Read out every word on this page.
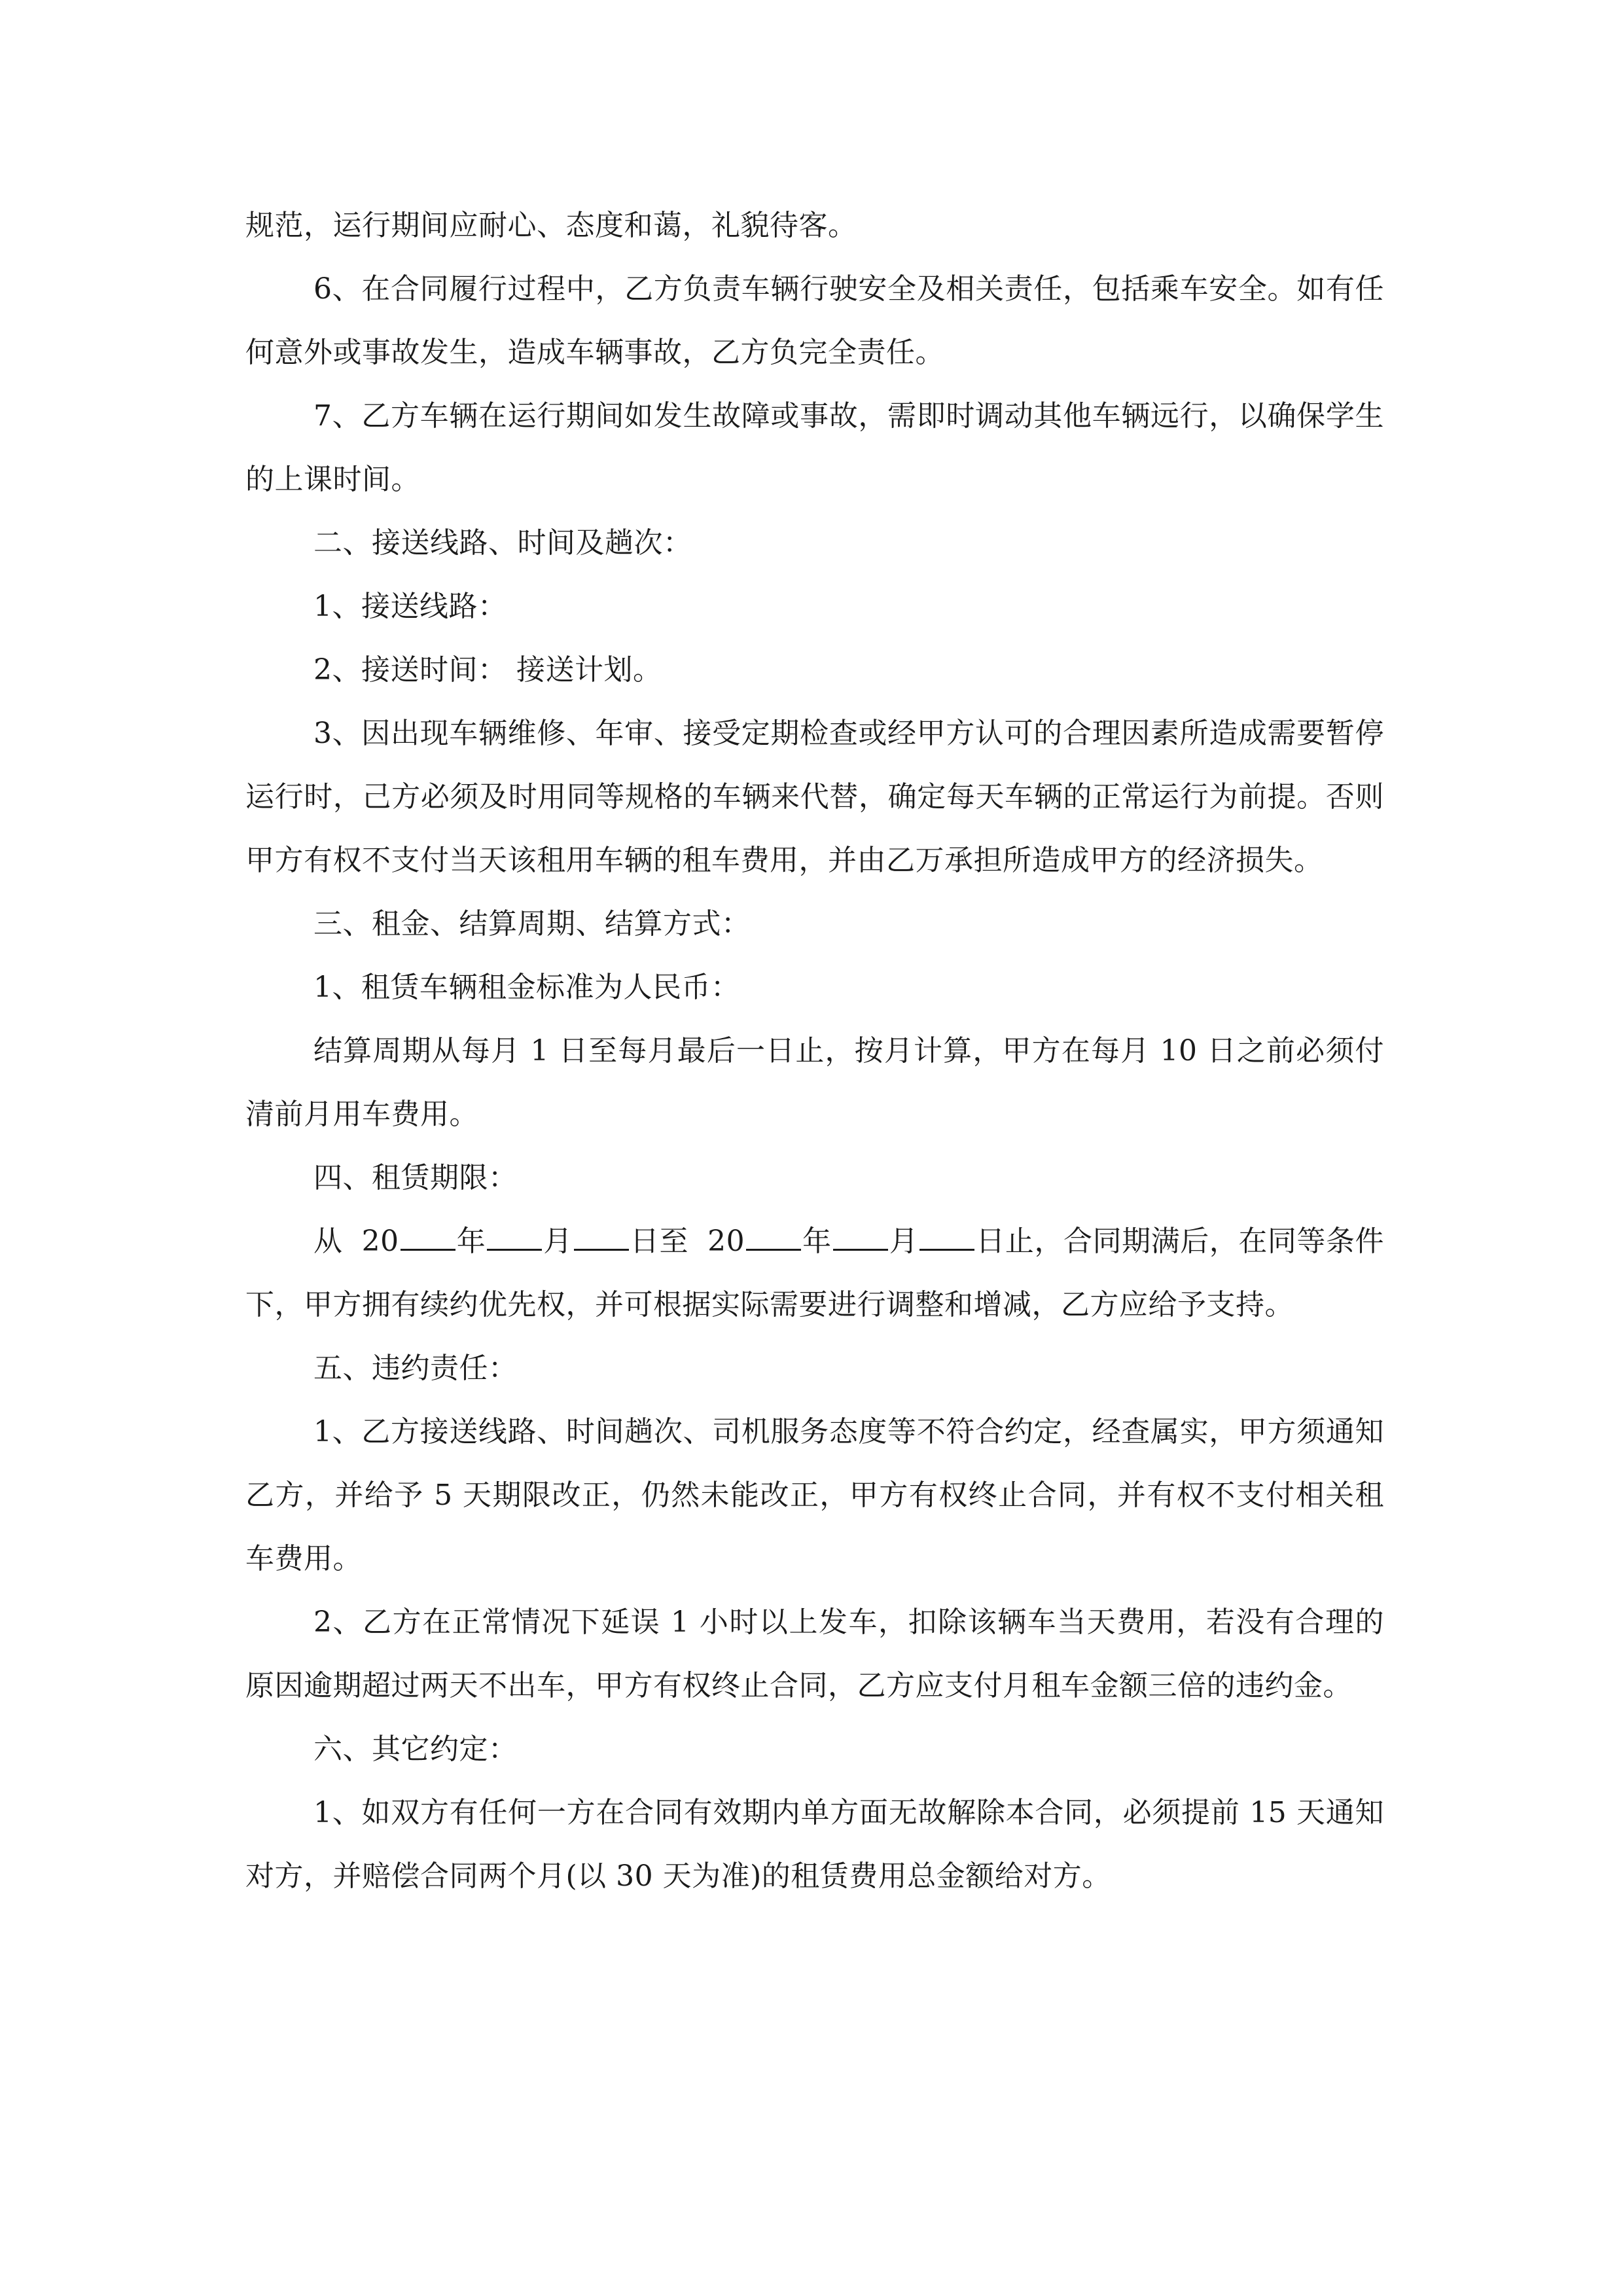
规范，运行期间应耐心、态度和蔼，礼貌待客。

6、在合同履行过程中，乙方负责车辆行驶安全及相关责任，包括乘车安全。如有任何意外或事故发生，造成车辆事故，乙方负完全责任。

7、乙方车辆在运行期间如发生故障或事故，需即时调动其他车辆远行，以确保学生的上课时间。

二、接送线路、时间及趟次：

1、接送线路：

2、接送时间： 接送计划。

3、因出现车辆维修、年审、接受定期检查或经甲方认可的合理因素所造成需要暂停运行时，己方必须及时用同等规格的车辆来代替，确定每天车辆的正常运行为前提。否则甲方有权不支付当天该租用车辆的租车费用，并由乙万承担所造成甲方的经济损失。

三、租金、结算周期、结算方式：

1、租赁车辆租金标准为人民币：

结算周期从每月 1 日至每月最后一日止，按月计算，甲方在每月 10 日之前必须付清前月用车费用。

四、租赁期限：

从 20 年 月 日至 20 年 月 日止，合同期满后，在同等条件下，甲方拥有续约优先权，并可根据实际需要进行调整和增减，乙方应给予支持。

五、违约责任：

1、乙方接送线路、时间趟次、司机服务态度等不符合约定，经查属实，甲方须通知乙方，并给予 5 天期限改正，仍然未能改正，甲方有权终止合同，并有权不支付相关租车费用。

2、乙方在正常情况下延误 1 小时以上发车，扣除该辆车当天费用，若没有合理的原因逾期超过两天不出车，甲方有权终止合同，乙方应支付月租车金额三倍的违约金。

六、其它约定：

1、如双方有任何一方在合同有效期内单方面无故解除本合同，必须提前 15 天通知对方，并赔偿合同两个月(以 30 天为准)的租赁费用总金额给对方。
